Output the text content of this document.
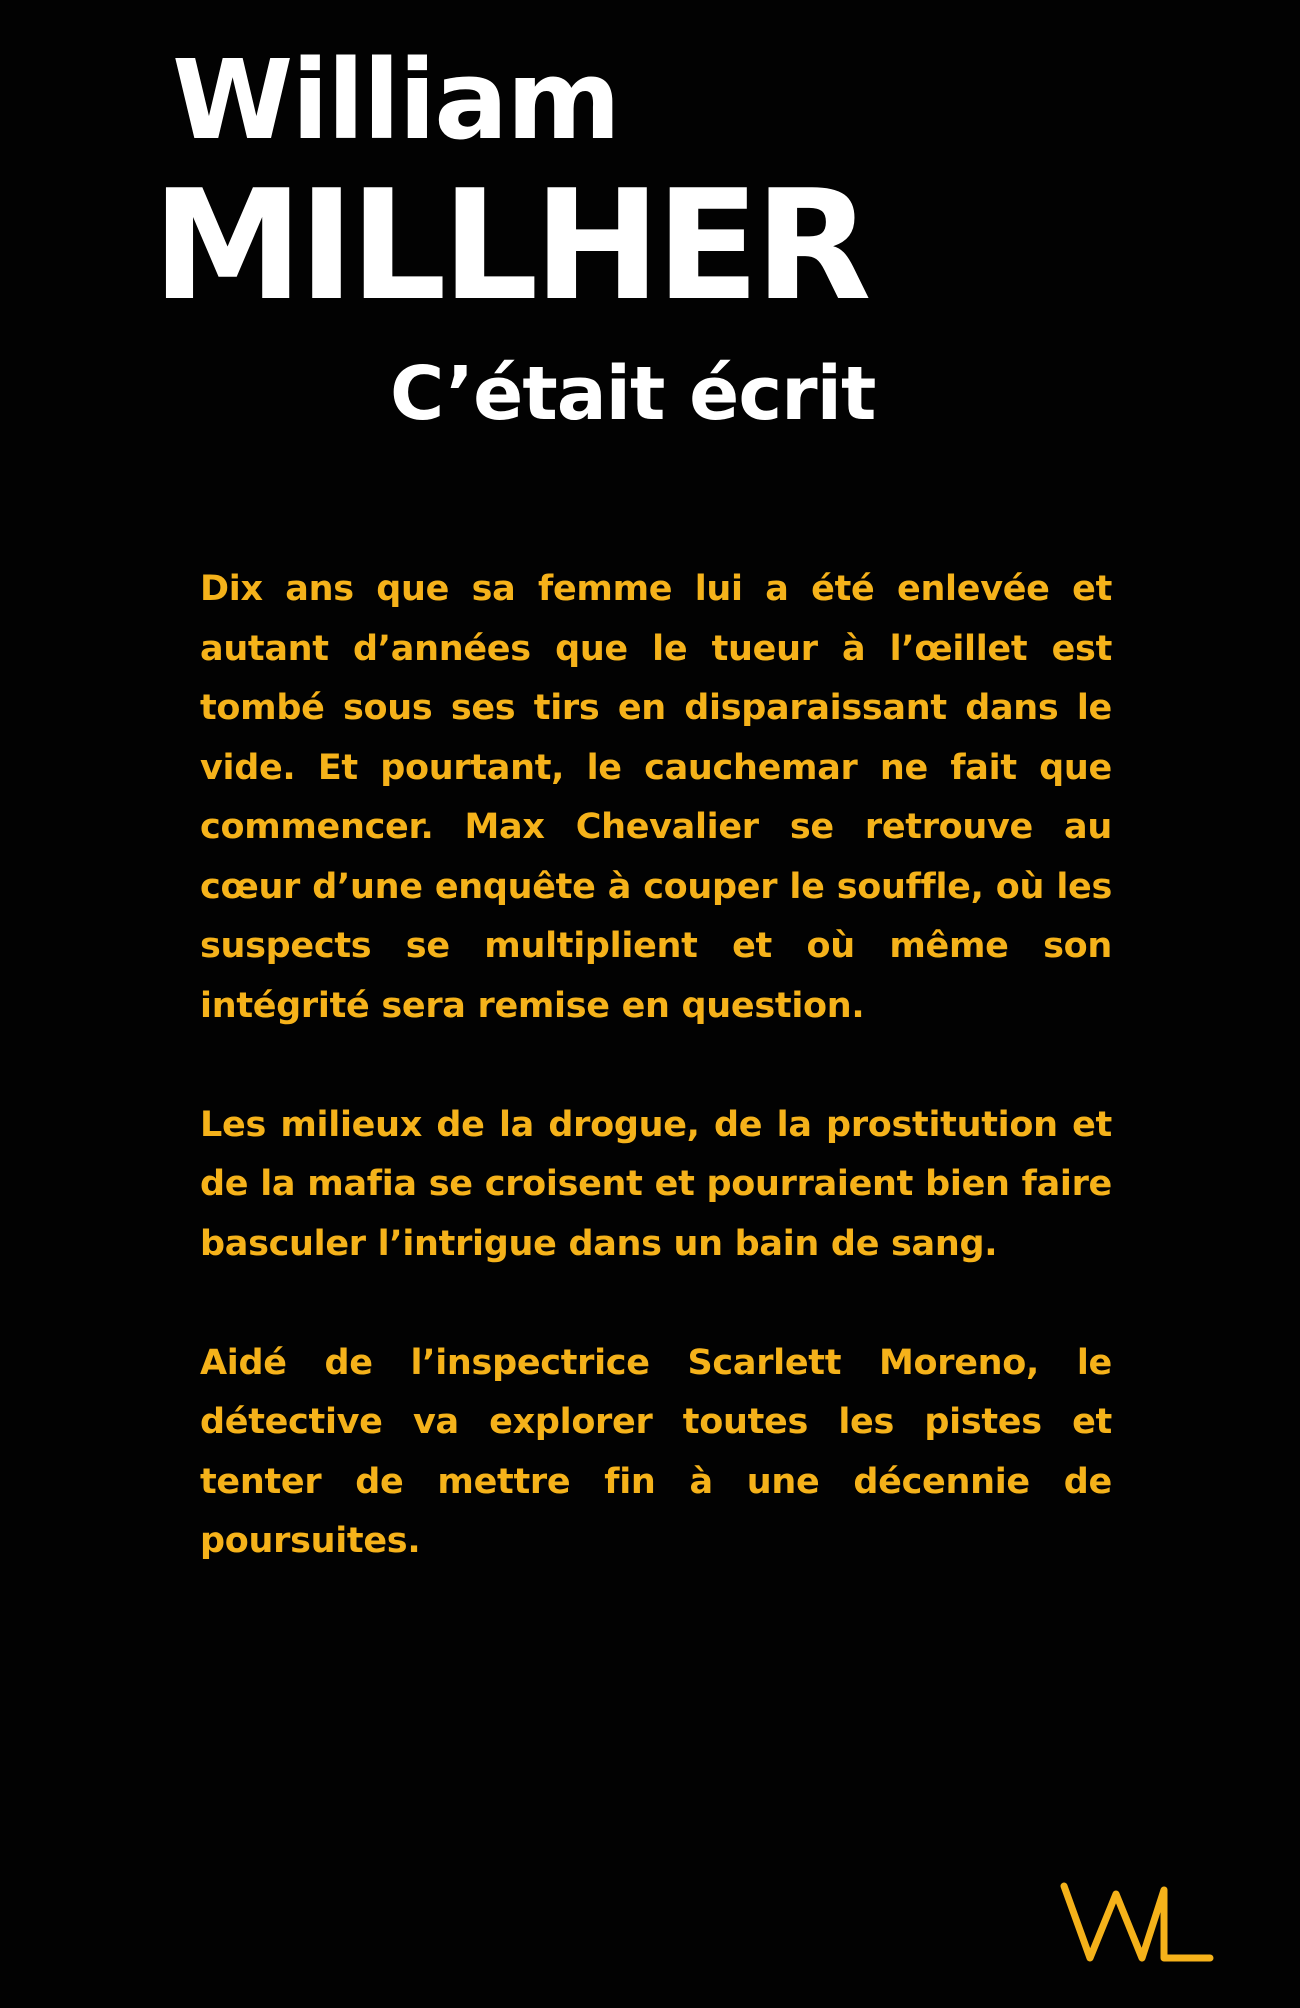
William
MILLHER
C’était écrit

Dix ans que sa femme lui a été enlevée et autant d’années que le tueur à l’œillet est tombé sous ses tirs en disparaissant dans le vide. Et pourtant, le cauchemar ne fait que commencer. Max Chevalier se retrouve au cœur d’une enquête à couper le souffle, où les suspects se multiplient et où même son intégrité sera remise en question.

Les milieux de la drogue, de la prostitution et de la mafia se croisent et pourraient bien faire basculer l’intrigue dans un bain de sang.

Aidé de l’inspectrice Scarlett Moreno, le détective va explorer toutes les pistes et tenter de mettre fin à une décennie de poursuites.
